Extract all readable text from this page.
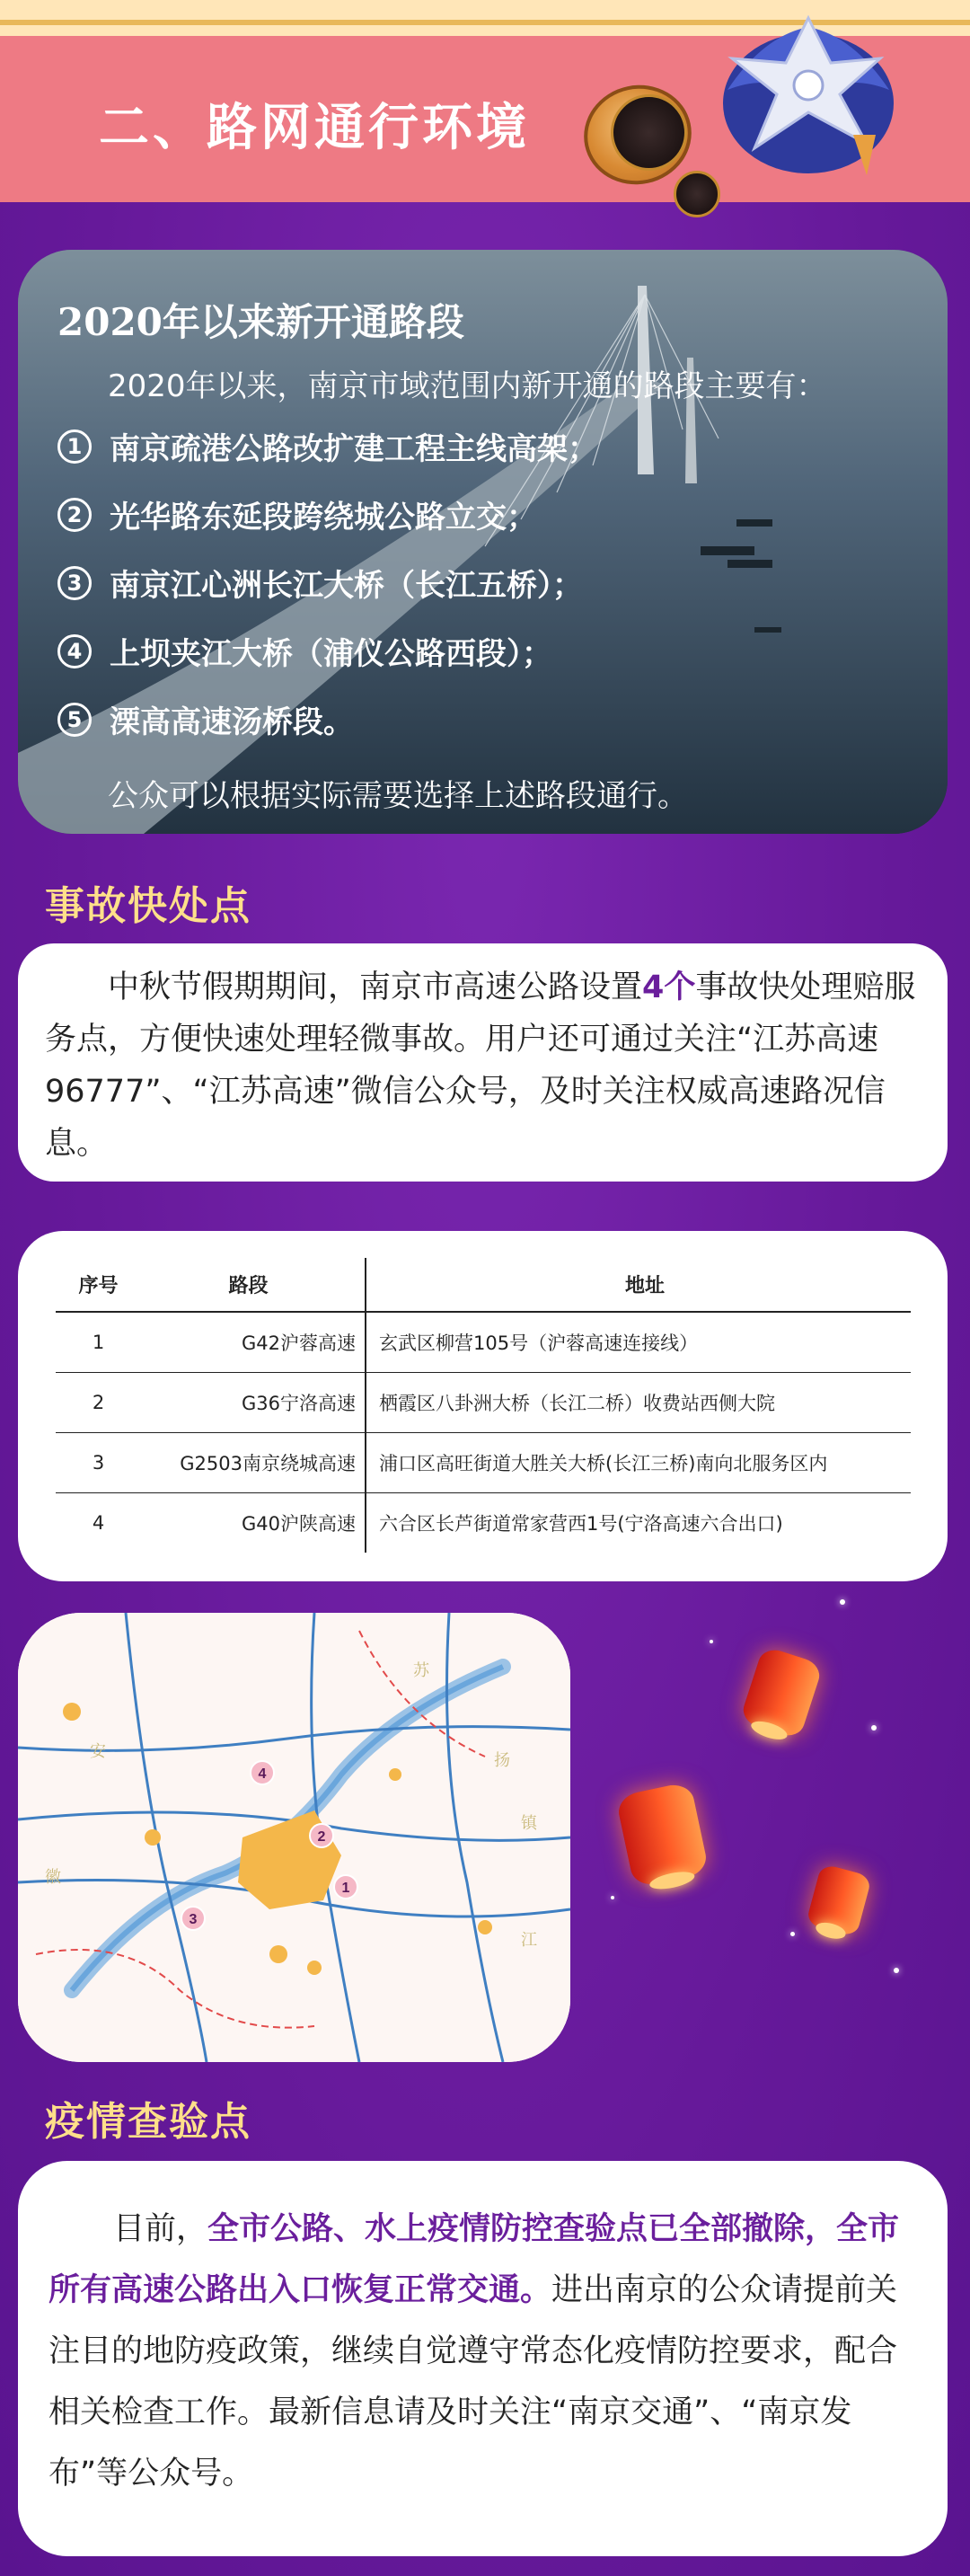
二、路网通行环境
2020年以来新开通路段

2020年以来，南京市域范围内新开通的路段主要有：

1 南京疏港公路改扩建工程主线高架；
2 光华路东延段跨绕城公路立交；
3 南京江心洲长江大桥（长江五桥）；
4 上坝夹江大桥（浦仪公路西段）；
5 溧高高速汤桥段。

公众可以根据实际需要选择上述路段通行。

事故快处点

中秋节假期期间，南京市高速公路设置4个事故快处理赔服务点，方便快速处理轻微事故。用户还可通过关注“江苏高速96777”、“江苏高速”微信公众号，及时关注权威高速路况信息。

序号	路段	地址
1	G42沪蓉高速	玄武区柳营105号（沪蓉高速连接线）
2	G36宁洛高速	栖霞区八卦洲大桥（长江二桥）收费站西侧大院
3	G2503南京绕城高速	浦口区高旺街道大胜关大桥(长江三桥)南向北服务区内
4	G40沪陕高速	六合区长芦街道常家营西1号(宁洛高速六合出口)
安
徽
苏
江
镇
扬
1
2
3
4
疫情查验点

目前，全市公路、水上疫情防控查验点已全部撤除，全市所有高速公路出入口恢复正常交通。进出南京的公众请提前关注目的地防疫政策，继续自觉遵守常态化疫情防控要求，配合相关检查工作。最新信息请及时关注“南京交通”、“南京发布”等公众号。
